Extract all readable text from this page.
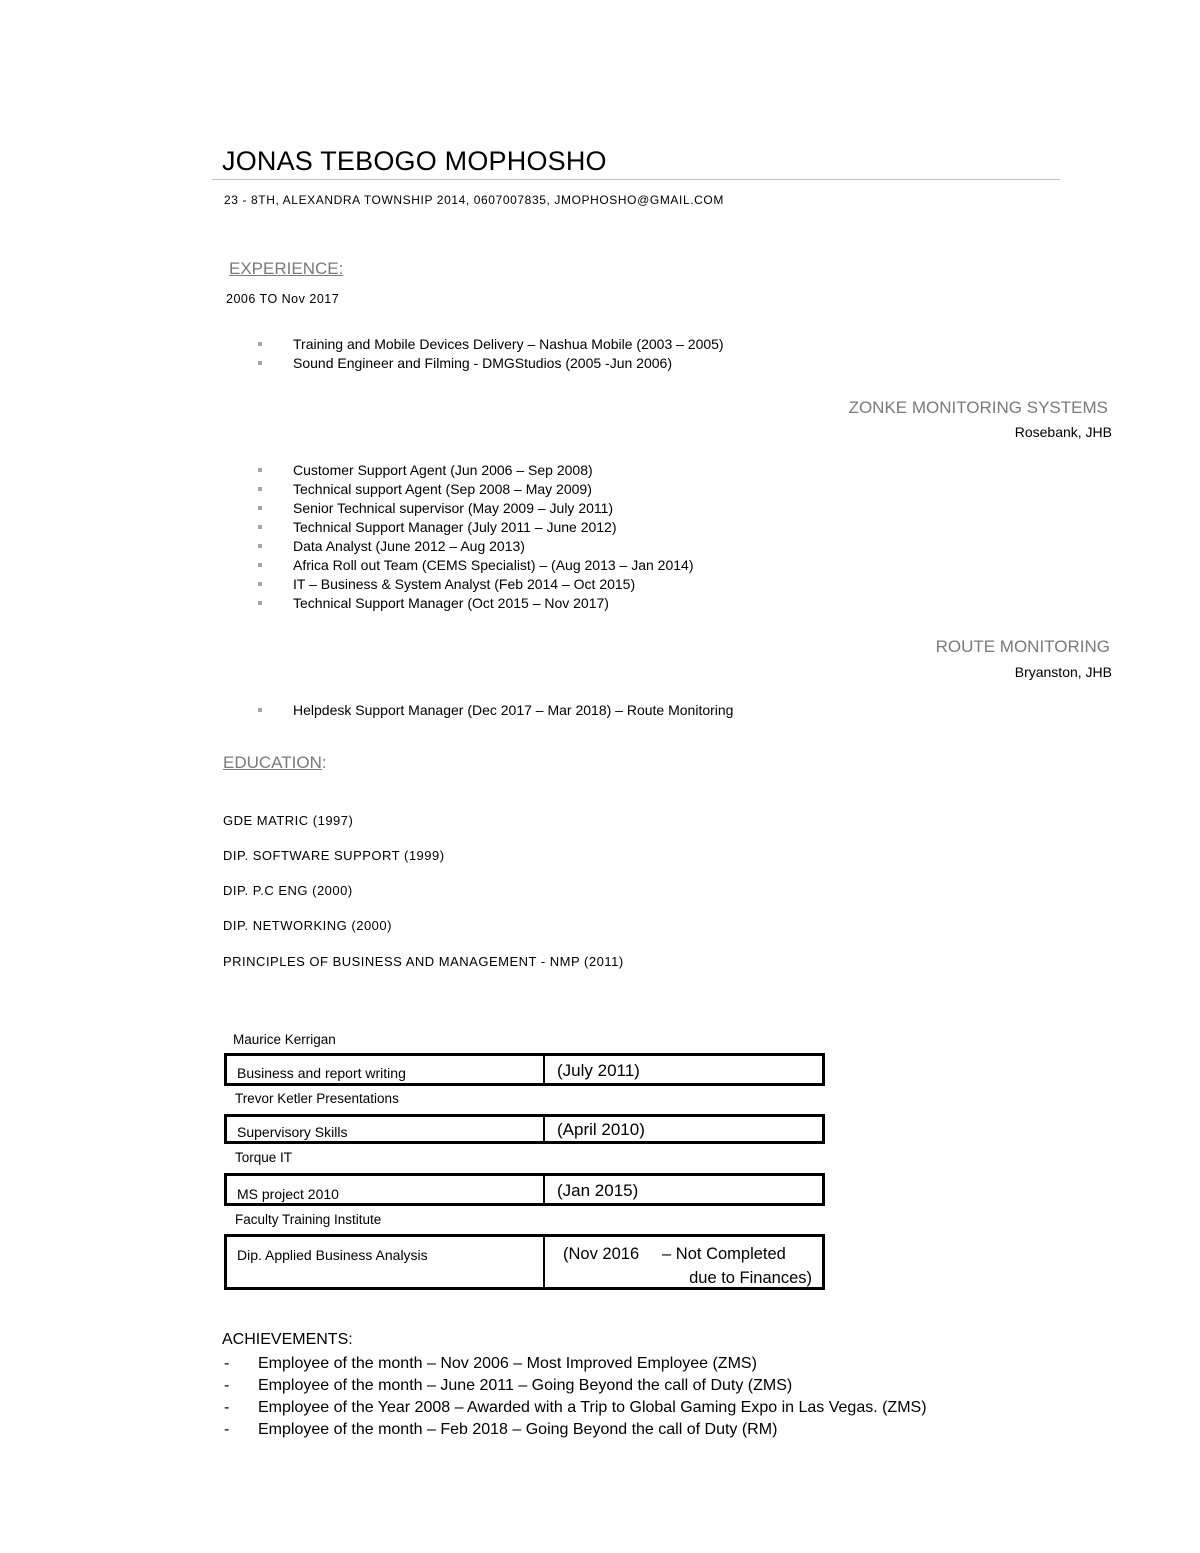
JONAS TEBOGO MOPHOSHO
23 - 8TH, ALEXANDRA TOWNSHIP 2014, 0607007835, JMOPHOSHO@GMAIL.COM
EXPERIENCE:
2006 TO Nov 2017
Training and Mobile Devices Delivery – Nashua Mobile (2003 – 2005)
Sound Engineer and Filming - DMGStudios (2005 -Jun 2006)
ZONKE MONITORING SYSTEMS
Rosebank, JHB
Customer Support Agent (Jun 2006 – Sep 2008)
Technical support Agent (Sep 2008 – May 2009)
Senior Technical supervisor (May 2009 – July 2011)
Technical Support Manager (July 2011 – June 2012)
Data Analyst (June 2012 – Aug 2013)
Africa Roll out Team (CEMS Specialist) – (Aug 2013 – Jan 2014)
IT – Business & System Analyst (Feb 2014 – Oct 2015)
Technical Support Manager (Oct 2015 – Nov 2017)
ROUTE MONITORING
Bryanston, JHB
Helpdesk Support Manager (Dec 2017 – Mar 2018) – Route Monitoring
EDUCATION:
GDE MATRIC (1997)
DIP. SOFTWARE SUPPORT (1999)
DIP. P.C ENG (2000)
DIP. NETWORKING (2000)
PRINCIPLES OF BUSINESS AND MANAGEMENT - NMP (2011)
Maurice Kerrigan
Business and report writing	(July 2011)
Trevor Ketler Presentations
Supervisory Skills	(April 2010)
Torque IT
MS project 2010	(Jan 2015)
Faculty Training Institute
Dip. Applied Business Analysis	(Nov 2016     – Not Completed
due to Finances)
ACHIEVEMENTS:
- Employee of the month – Nov 2006 – Most Improved Employee (ZMS)
- Employee of the month – June 2011 – Going Beyond the call of Duty (ZMS)
- Employee of the Year 2008 – Awarded with a Trip to Global Gaming Expo in Las Vegas. (ZMS)
- Employee of the month – Feb 2018 – Going Beyond the call of Duty (RM)
